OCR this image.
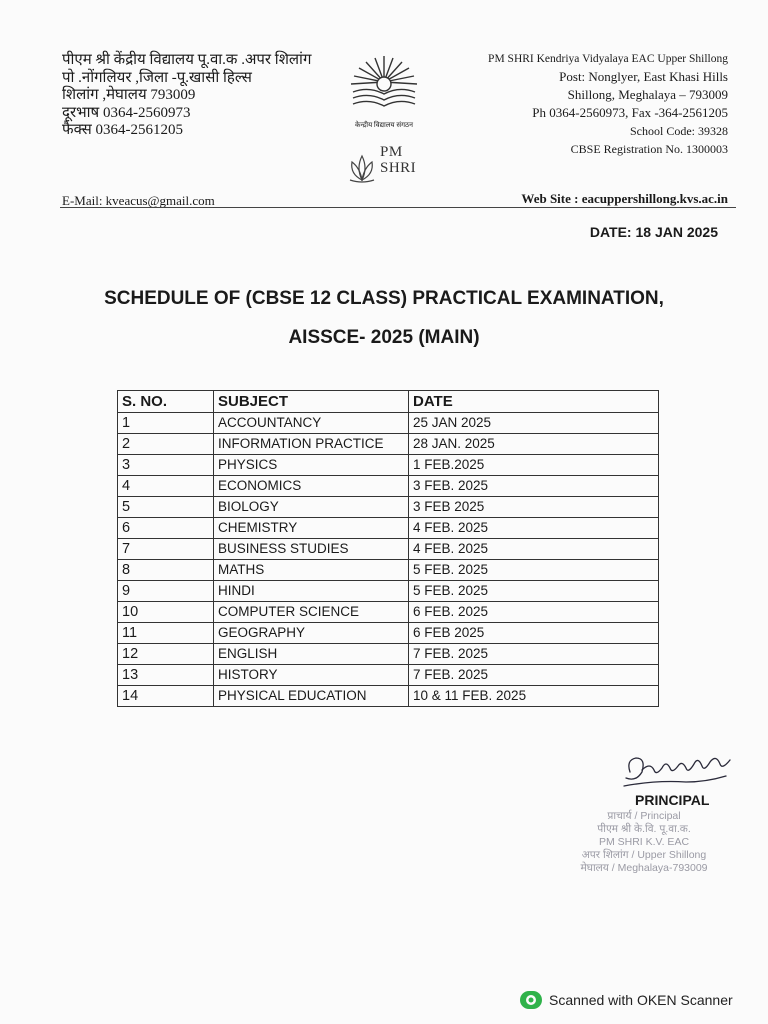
पीएम श्री केंद्रीय विद्यालय पू.वा.क .अपर शिलांग
पो .नोंगलियर ,जिला -पू.खासी हिल्स
शिलांग ,मेघालय 793009
दूरभाष 0364-2560973
फैक्स 0364-2561205	केन्द्रीय विद्यालय संगठन
PM
SHRI
PM SHRI Kendriya Vidyalaya EAC Upper Shillong
Post: Nonglyer, East Khasi Hills
Shillong, Meghalaya – 793009
Ph 0364-2560973, Fax -364-2561205
School Code: 39328
CBSE Registration No. 1300003
E-Mail: kveacus@gmail.com	Web Site : eacuppershillong.kvs.ac.in
DATE: 18 JAN 2025
SCHEDULE OF (CBSE 12 CLASS) PRACTICAL EXAMINATION,
AISSCE- 2025 (MAIN)
S. NO.	SUBJECT	DATE
1	ACCOUNTANCY	25 JAN 2025
2	INFORMATION PRACTICE	28 JAN. 2025
3	PHYSICS	1 FEB.2025
4	ECONOMICS	3 FEB. 2025
5	BIOLOGY	3 FEB 2025
6	CHEMISTRY	4 FEB. 2025
7	BUSINESS STUDIES	4 FEB. 2025
8	MATHS	5 FEB. 2025
9	HINDI	5 FEB. 2025
10	COMPUTER SCIENCE	6 FEB. 2025
11	GEOGRAPHY	6 FEB 2025
12	ENGLISH	7 FEB. 2025
13	HISTORY	7 FEB. 2025
14	PHYSICAL EDUCATION	10 & 11 FEB. 2025
PRINCIPAL
प्राचार्य / Principal
पीएम श्री के.वि. पू.वा.क.
PM SHRI K.V. EAC
अपर शिलांग / Upper Shillong
मेघालय / Meghalaya-793009
Scanned with OKEN Scanner
